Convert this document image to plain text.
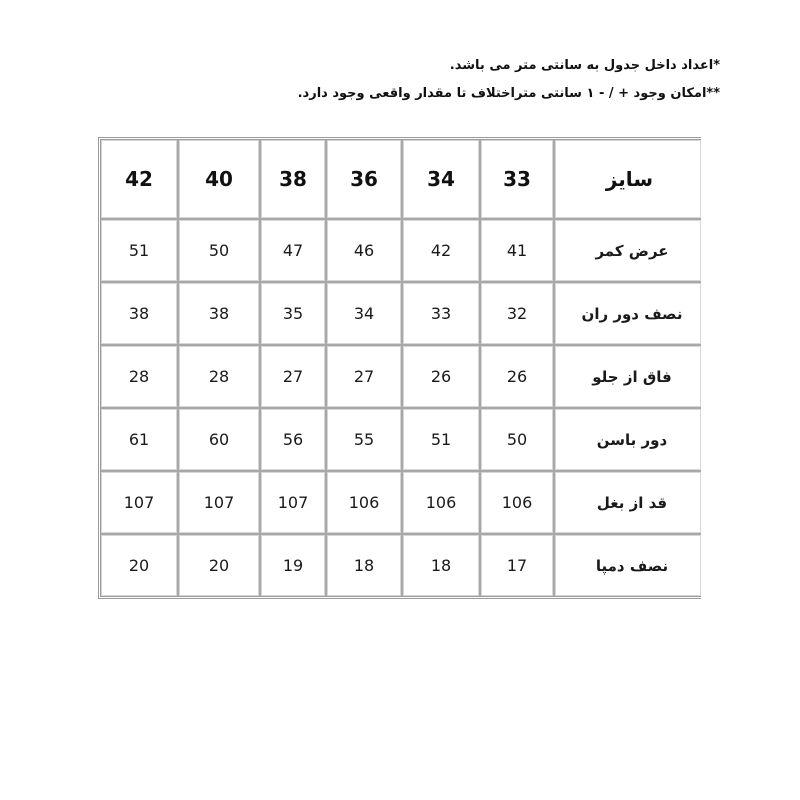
*اعداد داخل جدول به سانتی متر می باشد.
**امکان وجود + / - ۱ سانتی متراختلاف تا مقدار واقعی وجود دارد.
سایز	33	34	36	38	40	42
عرض کمر	41	42	46	47	50	51
نصف دور ران	32	33	34	35	38	38
فاق از جلو	26	26	27	27	28	28
دور باسن	50	51	55	56	60	61
قد از بغل	106	106	106	107	107	107
نصف دمپا	17	18	18	19	20	20
